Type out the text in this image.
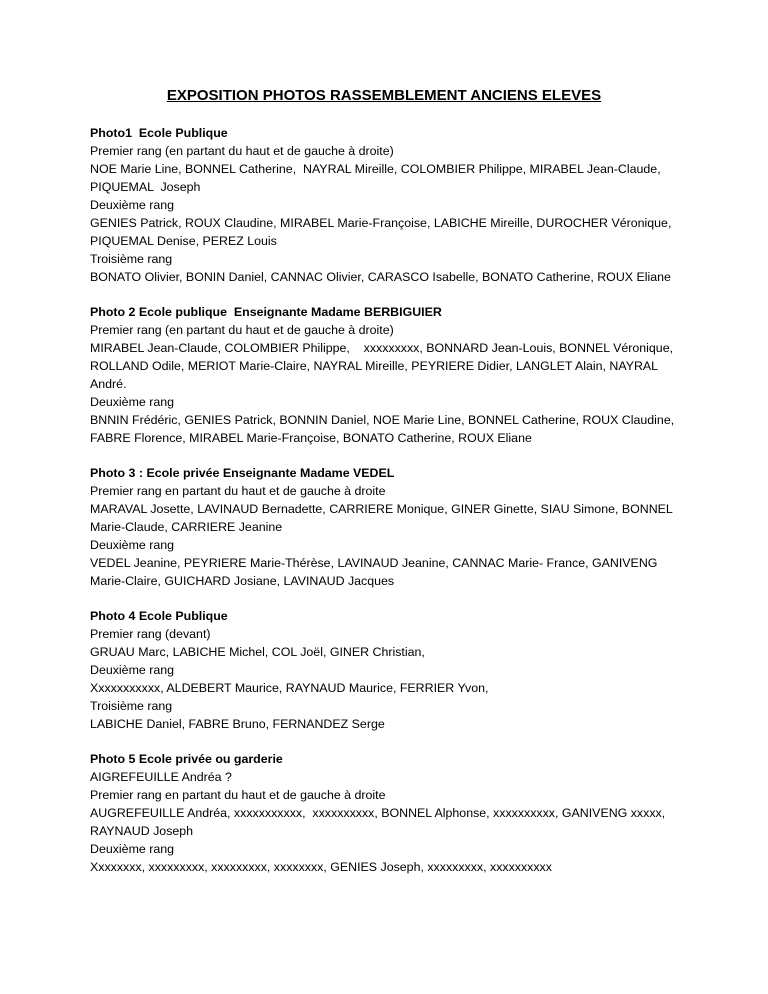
EXPOSITION PHOTOS RASSEMBLEMENT ANCIENS ELEVES
Photo1  Ecole Publique
Premier rang (en partant du haut et de gauche à droite)
NOE Marie Line, BONNEL Catherine,  NAYRAL Mireille, COLOMBIER Philippe, MIRABEL Jean-Claude,
PIQUEMAL  Joseph
Deuxième rang
GENIES Patrick, ROUX Claudine, MIRABEL Marie-Françoise, LABICHE Mireille, DUROCHER Véronique,
PIQUEMAL Denise, PEREZ Louis
Troisième rang
BONATO Olivier, BONIN Daniel, CANNAC Olivier, CARASCO Isabelle, BONATO Catherine, ROUX Eliane
Photo 2 Ecole publique  Enseignante Madame BERBIGUIER
Premier rang (en partant du haut et de gauche à droite)
MIRABEL Jean-Claude, COLOMBIER Philippe,    xxxxxxxxx, BONNARD Jean-Louis, BONNEL Véronique,
ROLLAND Odile, MERIOT Marie-Claire, NAYRAL Mireille, PEYRIERE Didier, LANGLET Alain, NAYRAL
André.
Deuxième rang
BNNIN Frédéric, GENIES Patrick, BONNIN Daniel, NOE Marie Line, BONNEL Catherine, ROUX Claudine,
FABRE Florence, MIRABEL Marie-Françoise, BONATO Catherine, ROUX Eliane
Photo 3 : Ecole privée Enseignante Madame VEDEL
Premier rang en partant du haut et de gauche à droite
MARAVAL Josette, LAVINAUD Bernadette, CARRIERE Monique, GINER Ginette, SIAU Simone, BONNEL
Marie-Claude, CARRIERE Jeanine
Deuxième rang
VEDEL Jeanine, PEYRIERE Marie-Thérèse, LAVINAUD Jeanine, CANNAC Marie- France, GANIVENG
Marie-Claire, GUICHARD Josiane, LAVINAUD Jacques
Photo 4 Ecole Publique
Premier rang (devant)
GRUAU Marc, LABICHE Michel, COL Joël, GINER Christian,
Deuxième rang
Xxxxxxxxxxx, ALDEBERT Maurice, RAYNAUD Maurice, FERRIER Yvon,
Troisième rang
LABICHE Daniel, FABRE Bruno, FERNANDEZ Serge
Photo 5 Ecole privée ou garderie
AIGREFEUILLE Andréa ?
Premier rang en partant du haut et de gauche à droite
AUGREFEUILLE Andréa, xxxxxxxxxxx,  xxxxxxxxxx, BONNEL Alphonse, xxxxxxxxxx, GANIVENG xxxxx,
RAYNAUD Joseph
Deuxième rang
Xxxxxxxx, xxxxxxxxx, xxxxxxxxx, xxxxxxxx, GENIES Joseph, xxxxxxxxx, xxxxxxxxxx
